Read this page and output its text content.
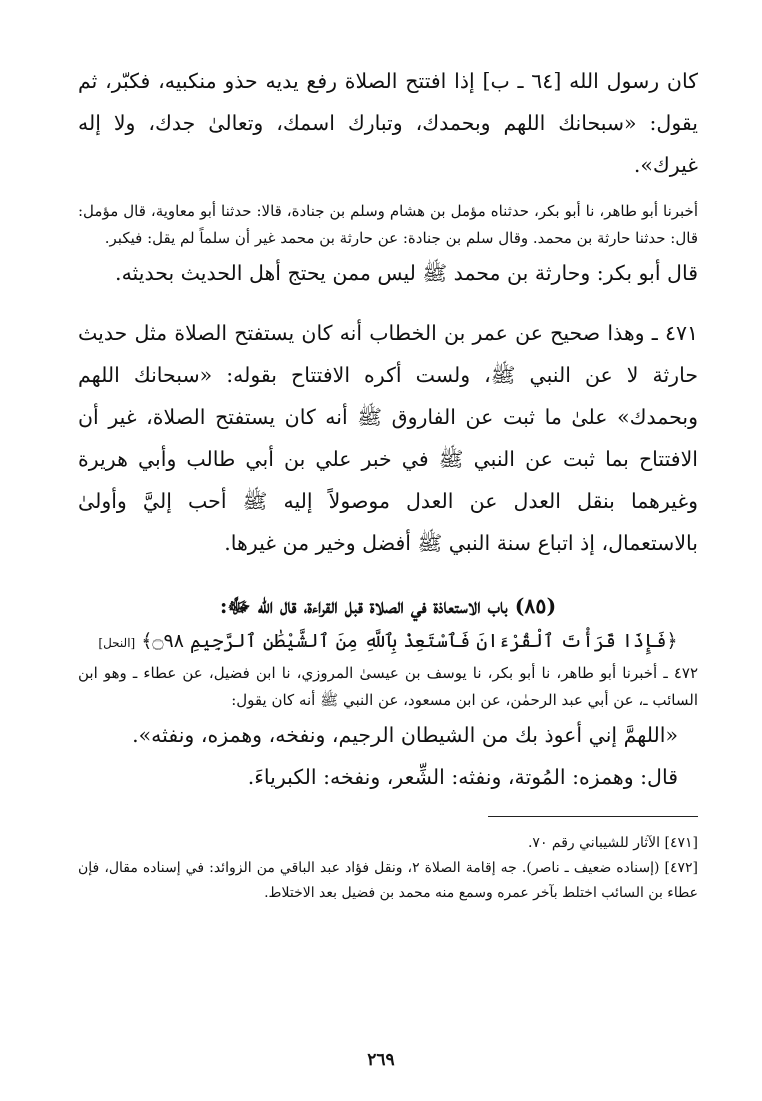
كان رسول الله [٦٤ ـ ب] إذا افتتح الصلاة رفع يديه حذو منكبيه، فكبّر، ثم يقول: «سبحانك اللهم وبحمدك، وتبارك اسمك، وتعالىٰ جدك، ولا إله غيرك».

أخبرنا أبو طاهر، نا أبو بكر، حدثناه مؤمل بن هشام وسلم بن جنادة، قالا: حدثنا أبو معاوية، قال مؤمل: قال: حدثنا حارثة بن محمد. وقال سلم بن جنادة: عن حارثة بن محمد غير أن سلماً لم يقل: فيكبر.

قال أبو بكر: وحارثة بن محمد ﷺ ليس ممن يحتج أهل الحديث بحديثه.

٤٧١ ـ وهذا صحيح عن عمر بن الخطاب أنه كان يستفتح الصلاة مثل حديث حارثة لا عن النبي ﷺ، ولست أكره الافتتاح بقوله: «سبحانك اللهم وبحمدك» علىٰ ما ثبت عن الفاروق ﷺ أنه كان يستفتح الصلاة، غير أن الافتتاح بما ثبت عن النبي ﷺ في خبر علي بن أبي طالب وأبي هريرة وغيرهما بنقل العدل عن العدل موصولاً إليه ﷺ أحب إليَّ وأولىٰ بالاستعمال، إذ اتباع سنة النبي ﷺ أفضل وخير من غيرها.

(٨٥) باب الاستعاذة في الصلاة قبل القراءة، قال الله ﷻ:

﴿فَإِذَا قَرَأْتَ ٱلْقُرْءَانَ فَٱسْتَعِذْ بِٱللَّهِ مِنَ ٱلشَّيْطَٰنِ ٱلرَّجِيمِ ۝٩٨﴾ [النحل]

٤٧٢ ـ أخبرنا أبو طاهر، نا أبو بكر، نا يوسف بن عيسىٰ المروزي، نا ابن فضيل، عن عطاء ـ وهو ابن السائب ـ، عن أبي عبد الرحمٰن، عن ابن مسعود، عن النبي ﷺ أنه كان يقول:

«اللهمَّ إني أعوذ بك من الشيطان الرجيم، ونفخه، وهمزه، ونفثه».

قال: وهمزه: المُوتة، ونفثه: الشِّعر، ونفخه: الكبرياءَ.

[٤٧١] الآثار للشيباني رقم ٧٠.

[٤٧٢] (إسناده ضعيف ـ ناصر). جه إقامة الصلاة ٢، ونقل فؤاد عبد الباقي من الزوائد: في إسناده مقال، فإن عطاء بن السائب اختلط بآخر عمره وسمع منه محمد بن فضيل بعد الاختلاط.

٢٦٩
